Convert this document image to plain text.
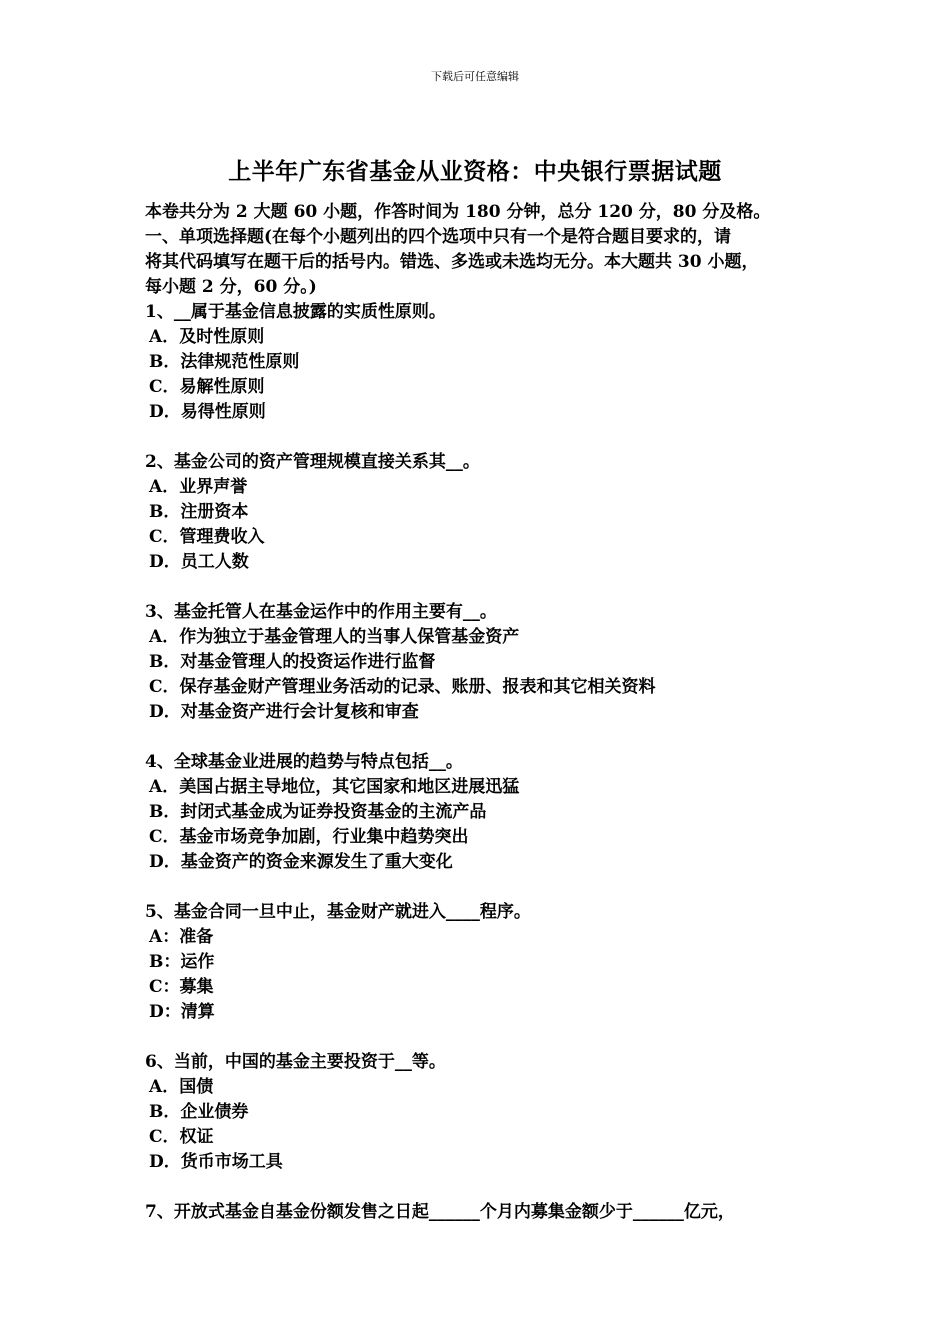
下载后可任意编辑
上半年广东省基金从业资格：中央银行票据试题

本卷共分为 2 大题 60 小题，作答时间为 180 分钟，总分 120 分，80 分及格。

一、单项选择题(在每个小题列出的四个选项中只有一个是符合题目要求的，请

将其代码填写在题干后的括号内。错选、多选或未选均无分。本大题共 30 小题，

每小题 2 分，60 分。)

1、__属于基金信息披露的实质性原则。

A．及时性原则
B．法律规范性原则
C．易解性原则
D．易得性原则

2、基金公司的资产管理规模直接关系其__。

A．业界声誉
B．注册资本
C．管理费收入
D．员工人数

3、基金托管人在基金运作中的作用主要有__。

A．作为独立于基金管理人的当事人保管基金资产
B．对基金管理人的投资运作进行监督
C．保存基金财产管理业务活动的记录、账册、报表和其它相关资料
D．对基金资产进行会计复核和审查

4、全球基金业进展的趋势与特点包括__。

A．美国占据主导地位，其它国家和地区进展迅猛
B．封闭式基金成为证券投资基金的主流产品
C．基金市场竞争加剧，行业集中趋势突出
D．基金资产的资金来源发生了重大变化

5、基金合同一旦中止，基金财产就进入____程序。

A：准备
B：运作
C：募集
D：清算

6、当前，中国的基金主要投资于__等。

A．国债
B．企业债券
C．权证
D．货币市场工具

7、开放式基金自基金份额发售之日起______个月内募集金额少于______亿元，
